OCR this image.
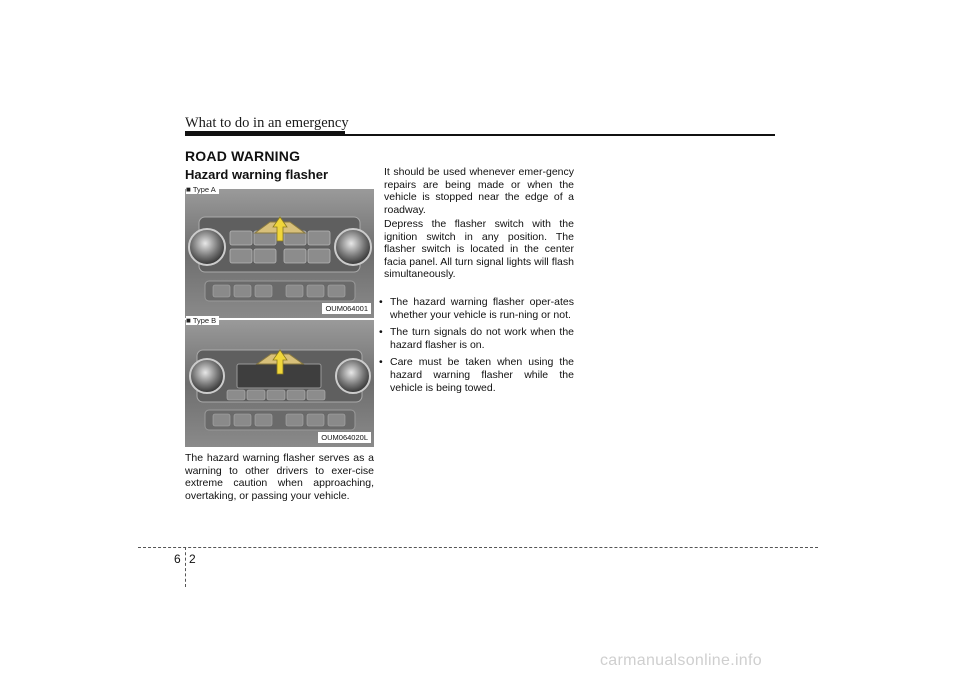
What to do in an emergency
ROAD WARNING
Hazard warning flasher
■ Type A
OUM064001
■ Type B
OUM064020L

The hazard warning flasher serves as a warning to other drivers to exer-cise extreme caution when approaching, overtaking, or passing your vehicle.

It should be used whenever emer-gency repairs are being made or when the vehicle is stopped near the edge of a roadway.

Depress the flasher switch with the ignition switch in any position. The flasher switch is located in the center facia panel. All turn signal lights will flash simultaneously.

• The hazard warning flasher oper-ates whether your vehicle is run-ning or not.
• The turn signals do not work when the hazard flasher is on.
• Care must be taken when using the hazard warning flasher while the vehicle is being towed.
6 2
carmanualsonline.info
